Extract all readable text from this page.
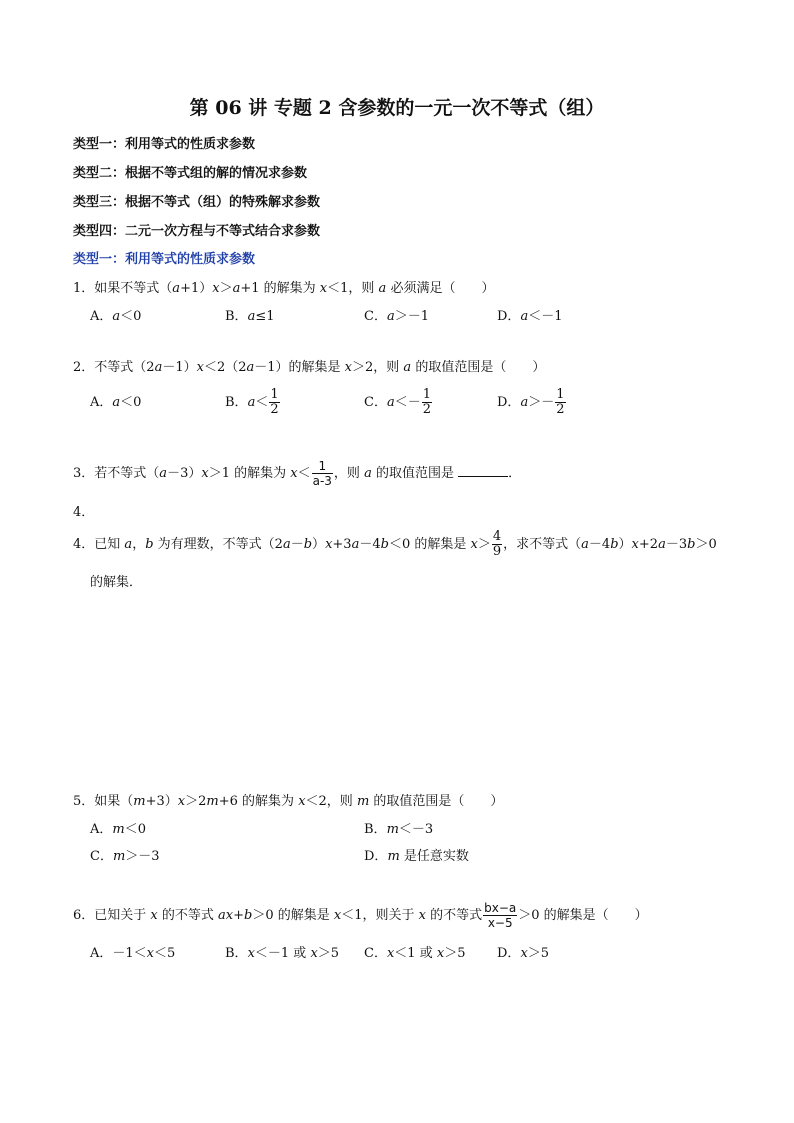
第 06 讲 专题 2 含参数的一元一次不等式（组）
类型一：利用等式的性质求参数
类型二：根据不等式组的解的情况求参数
类型三：根据不等式（组）的特殊解求参数
类型四：二元一次方程与不等式结合求参数
类型一：利用等式的性质求参数
1．如果不等式（a+1）x＞a+1 的解集为 x＜1，则 a 必须满足（　　）
A．a＜0	B．a≤1	C．a＞－1	D．a＜－1
2．不等式（2a－1）x＜2（2a－1）的解集是 x＞2，则 a 的取值范围是（　　）
A．a＜0	B．$a< \frac{1}{2}$	C．$a<- \frac{1}{2}$	D．$a>- \frac{1}{2}$
3．若不等式（a－3）x＞1 的解集为 $x< \frac{1}{a-3}$ ，则 a 的取值范围是	．
4．
4．已知 a，b 为有理数，不等式（2a－b）x+3a－4b＜0 的解集是 $x> \frac{4}{9}$ ，求不等式（a－4b）x+2a－3b＞0
的解集．
5．如果（m+3）x＞2m+6 的解集为 x＜2，则 m 的取值范围是（　　）
A．m＜0	B．m＜－3
C．m＞－3	D．m 是任意实数
6．已知关于 x 的不等式 ax+b＞0 的解集是 x＜1，则关于 x 的不等式 $\frac{bx-a}{x-5} >0$ 的解集是（　　）
A．－1＜x＜5	B．x＜－1 或 x＞5 C．x＜1 或 x＞5 D．x＞5
